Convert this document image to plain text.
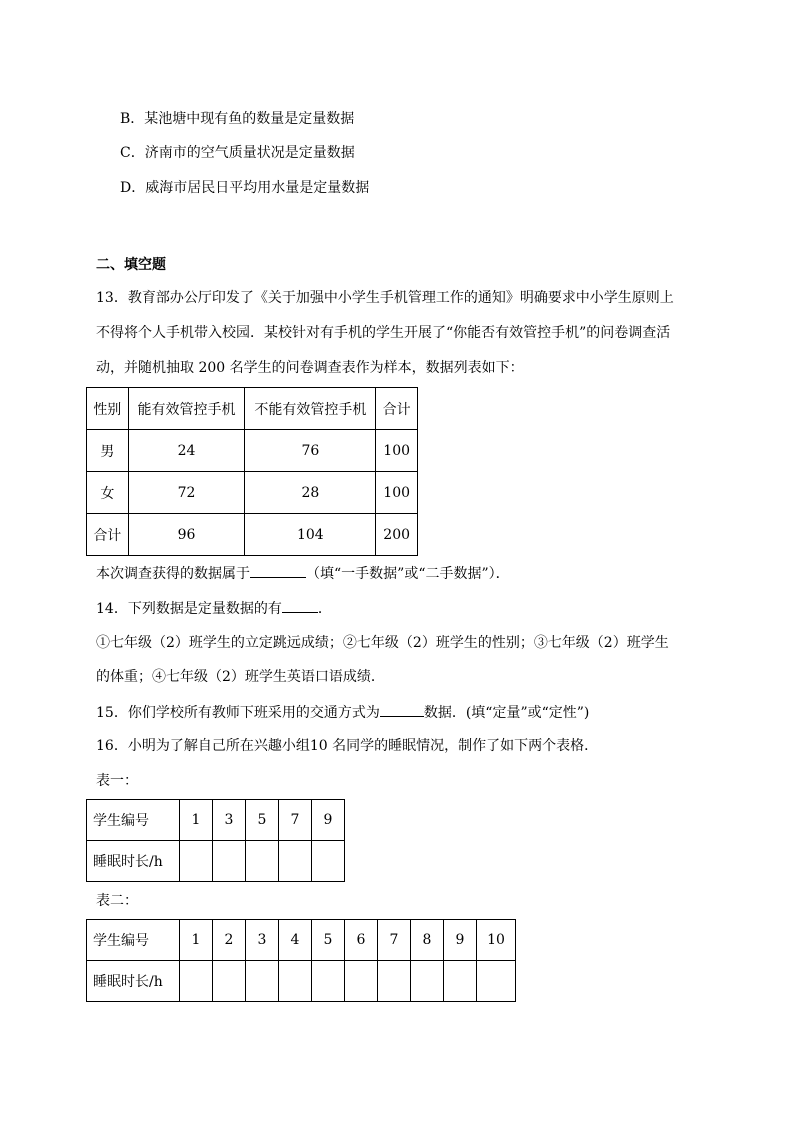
B．某池塘中现有鱼的数量是定量数据
C．济南市的空气质量状况是定量数据
D．威海市居民日平均用水量是定量数据
二、填空题
13．教育部办公厅印发了《关于加强中小学生手机管理工作的通知》明确要求中小学生原则上
不得将个人手机带入校园．某校针对有手机的学生开展了“你能否有效管控手机”的问卷调查活
动，并随机抽取 200 名学生的问卷调查表作为样本，数据列表如下：
性别	能有效管控手机	不能有效管控手机	合计
男	24	76	100
女	72	28	100
合计	96	104	200
本次调查获得的数据属于	（填“一手数据”或“二手数据”）．
14．下列数据是定量数据的有	．
①七年级（2）班学生的立定跳远成绩；②七年级（2）班学生的性别；③七年级（2）班学生
的体重；④七年级（2）班学生英语口语成绩．
15．你们学校所有教师下班采用的交通方式为	数据．(填“定量”或“定性”)
16．小明为了解自己所在兴趣小组10 名同学的睡眠情况，制作了如下两个表格．
表一：
学生编号	1	3	5	7	9
睡眠时长/h					
表二：
学生编号	1	2	3	4	5	6	7	8	9	10
睡眠时长/h										
